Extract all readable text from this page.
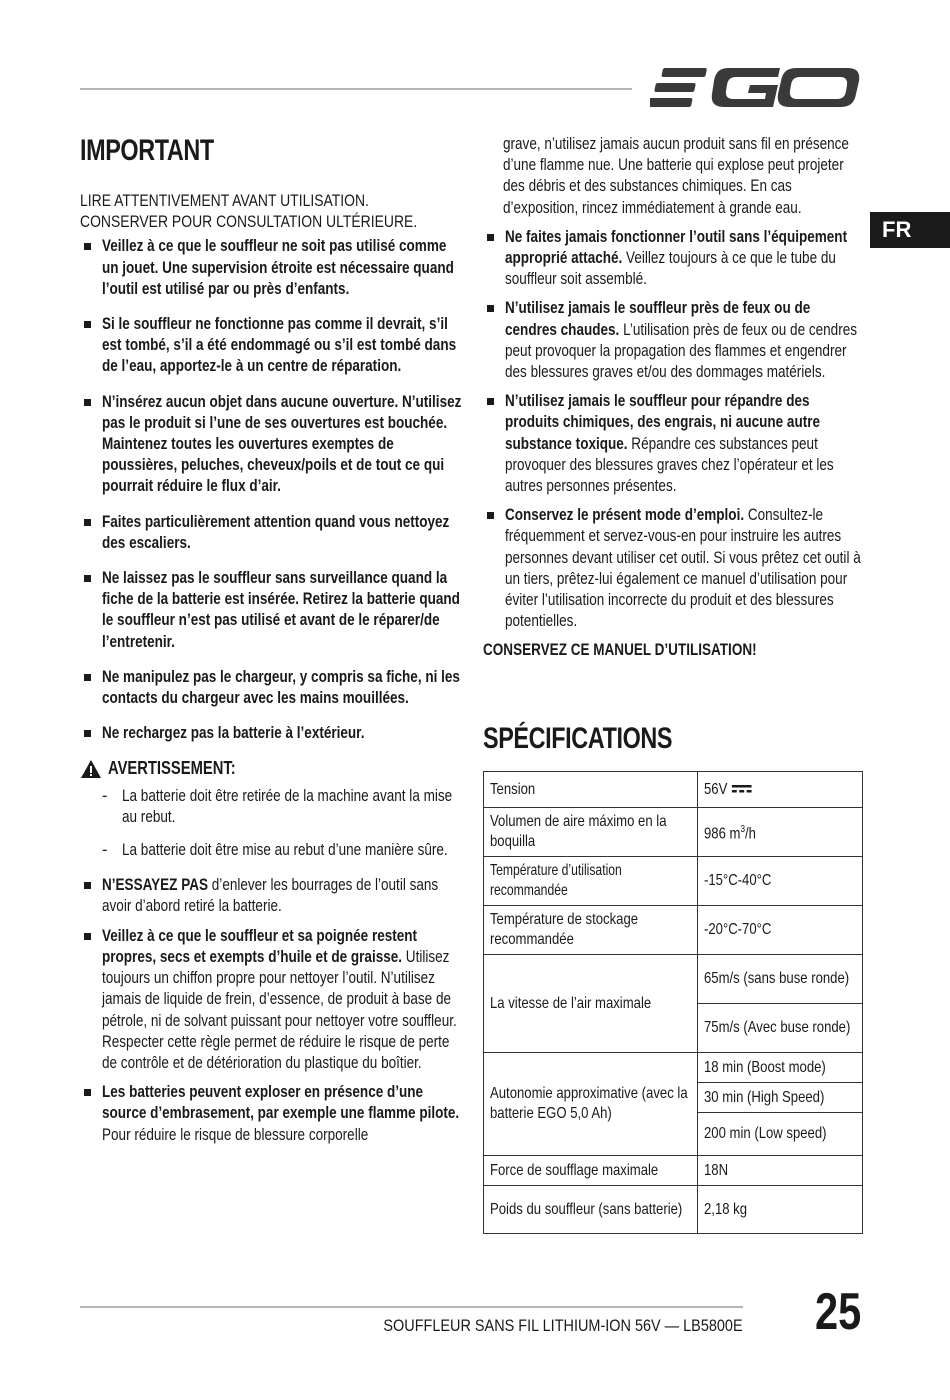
FR
IMPORTANT

LIRE ATTENTIVEMENT AVANT UTILISATION.

CONSERVER POUR CONSULTATION ULTÉRIEURE.

Veillez à ce que le souffleur ne soit pas utilisé comme un jouet. Une supervision étroite est nécessaire quand l’outil est utilisé par ou près d’enfants.
Si le souffleur ne fonctionne pas comme il devrait, s’il est tombé, s’il a été endommagé ou s’il est tombé dans de l’eau, apportez-le à un centre de réparation.
N’insérez aucun objet dans aucune ouverture. N’utilisez pas le produit si l’une de ses ouvertures est bouchée. Maintenez toutes les ouvertures exemptes de poussières, peluches, cheveux/poils et de tout ce qui pourrait réduire le flux d’air.
Faites particulièrement attention quand vous nettoyez des escaliers.
Ne laissez pas le souffleur sans surveillance quand la fiche de la batterie est insérée. Retirez la batterie quand le souffleur n’est pas utilisé et avant de le réparer/de l’entretenir.
Ne manipulez pas le chargeur, y compris sa fiche, ni les contacts du chargeur avec les mains mouillées.
Ne rechargez pas la batterie à l’extérieur.
AVERTISSEMENT:
- La batterie doit être retirée de la machine avant la mise au rebut.
- La batterie doit être mise au rebut d’une manière sûre.
N’ESSAYEZ PAS d’enlever les bourrages de l’outil sans avoir d’abord retiré la batterie.
Veillez à ce que le souffleur et sa poignée restent propres, secs et exempts d’huile et de graisse. Utilisez toujours un chiffon propre pour nettoyer l’outil. N’utilisez jamais de liquide de frein, d’essence, de produit à base de pétrole, ni de solvant puissant pour nettoyer votre souffleur. Respecter cette règle permet de réduire le risque de perte de contrôle et de détérioration du plastique du boîtier.
Les batteries peuvent exploser en présence d’une source d’embrasement, par exemple une flamme pilote. Pour réduire le risque de blessure corporelle

grave, n’utilisez jamais aucun produit sans fil en présence d’une flamme nue. Une batterie qui explose peut projeter des débris et des substances chimiques. En cas d’exposition, rincez immédiatement à grande eau.

Ne faites jamais fonctionner l’outil sans l’équipement approprié attaché. Veillez toujours à ce que le tube du souffleur soit assemblé.
N’utilisez jamais le souffleur près de feux ou de cendres chaudes. L’utilisation près de feux ou de cendres peut provoquer la propagation des flammes et engendrer des blessures graves et/ou des dommages matériels.
N’utilisez jamais le souffleur pour répandre des produits chimiques, des engrais, ni aucune autre substance toxique. Répandre ces substances peut provoquer des blessures graves chez l’opérateur et les autres personnes présentes.
Conservez le présent mode d’emploi. Consultez-le fréquemment et servez-vous-en pour instruire les autres personnes devant utiliser cet outil. Si vous prêtez cet outil à un tiers, prêtez-lui également ce manuel d’utilisation pour éviter l’utilisation incorrecte du produit et des blessures potentielles.

CONSERVEZ CE MANUEL D’UTILISATION!

SPÉCIFICATIONS
Tension	56V
Volumen de aire máximo en la boquilla	986 $m^3/h$
Température d’utilisation recommandée	-15°C-40°C
Température de stockage recommandée	-20°C-70°C
La vitesse de l’air maximale	65m/s (sans buse ronde)
	75m/s (Avec buse ronde)
Autonomie approximative (avec la batterie EGO 5,0 Ah)	18 min (Boost mode)
	30 min (High Speed)
	200 min (Low speed)
Force de soufflage maximale	18N
Poids du souffleur (sans batterie)	2,18 kg
SOUFFLEUR SANS FIL LITHIUM-ION 56V — LB5800E 25
